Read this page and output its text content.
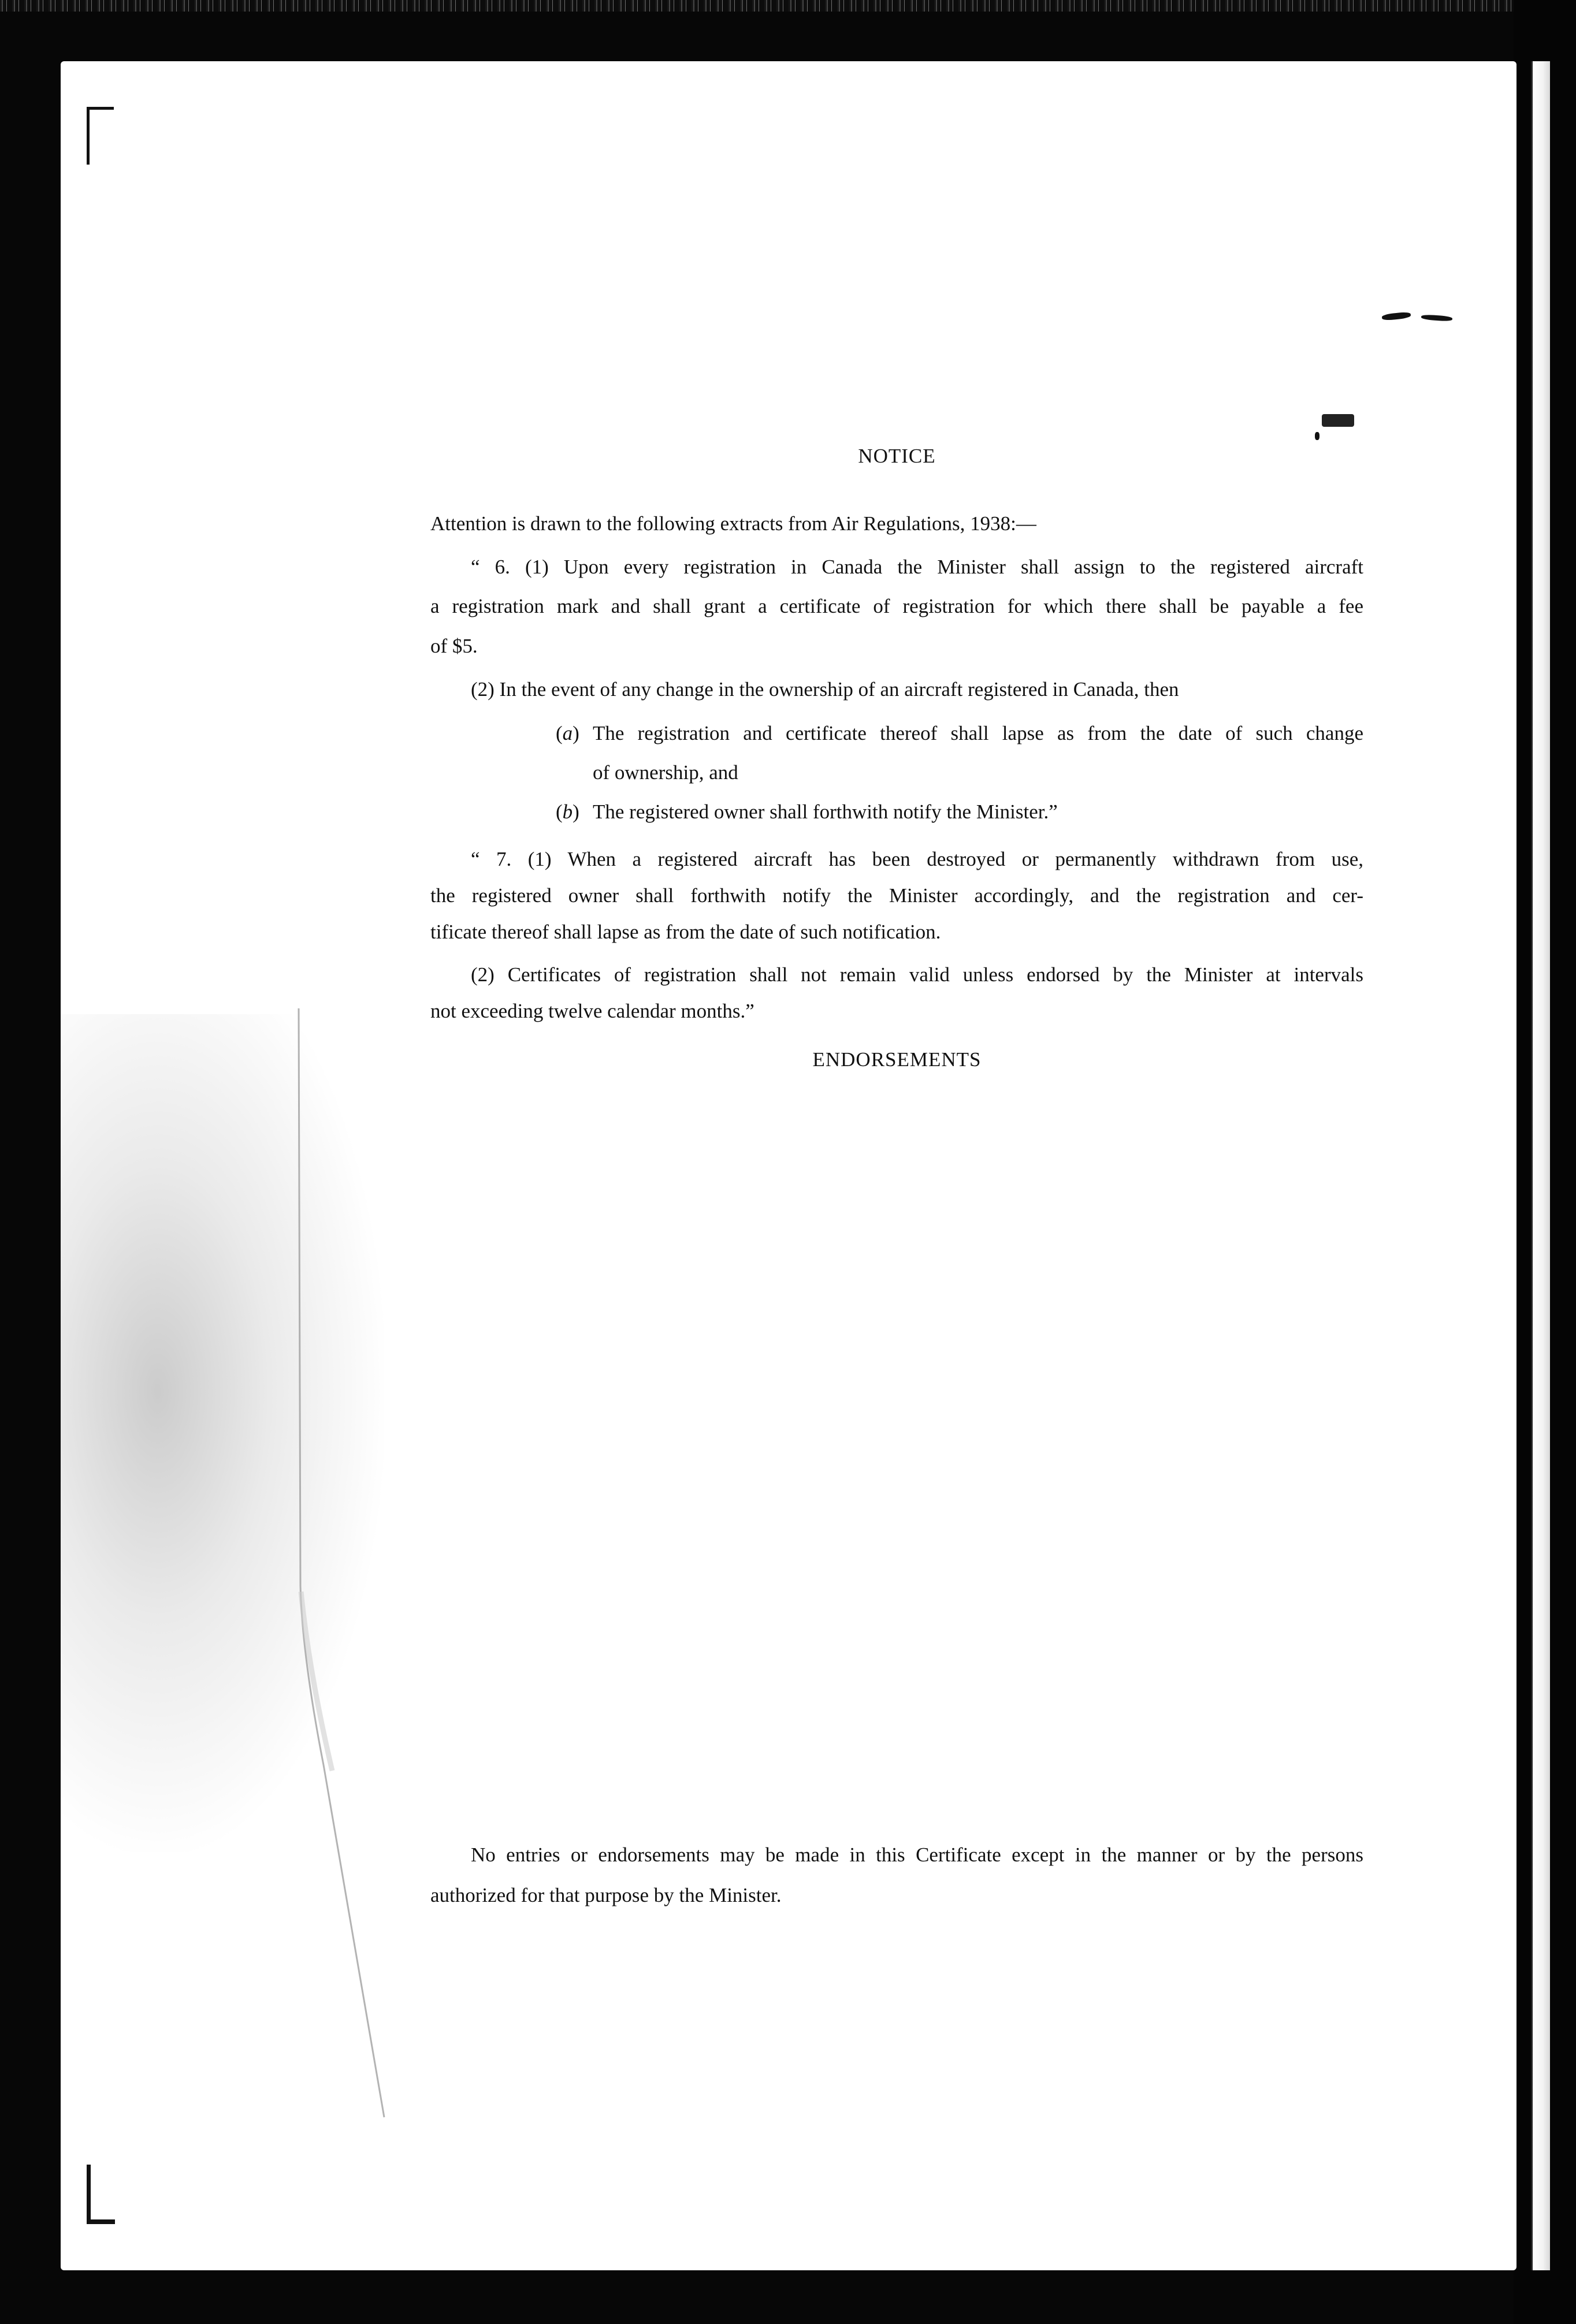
NOTICE
Attention is drawn to the following extracts from Air Regulations, 1938:—
“ 6. (1) Upon every registration in Canada the Minister shall assign to the registered aircraft
a registration mark and shall grant a certificate of registration for which there shall be payable a fee
of $5.
(2) In the event of any change in the ownership of an aircraft registered in Canada, then
(a) The registration and certificate thereof shall lapse as from the date of such change
of ownership, and
(b) The registered owner shall forthwith notify the Minister.”
“ 7. (1) When a registered aircraft has been destroyed or permanently withdrawn from use,
the registered owner shall forthwith notify the Minister accordingly, and the registration and cer-
tificate thereof shall lapse as from the date of such notification.
(2) Certificates of registration shall not remain valid unless endorsed by the Minister at intervals
not exceeding twelve calendar months.”
ENDORSEMENTS
No entries or endorsements may be made in this Certificate except in the manner or by the persons
authorized for that purpose by the Minister.
